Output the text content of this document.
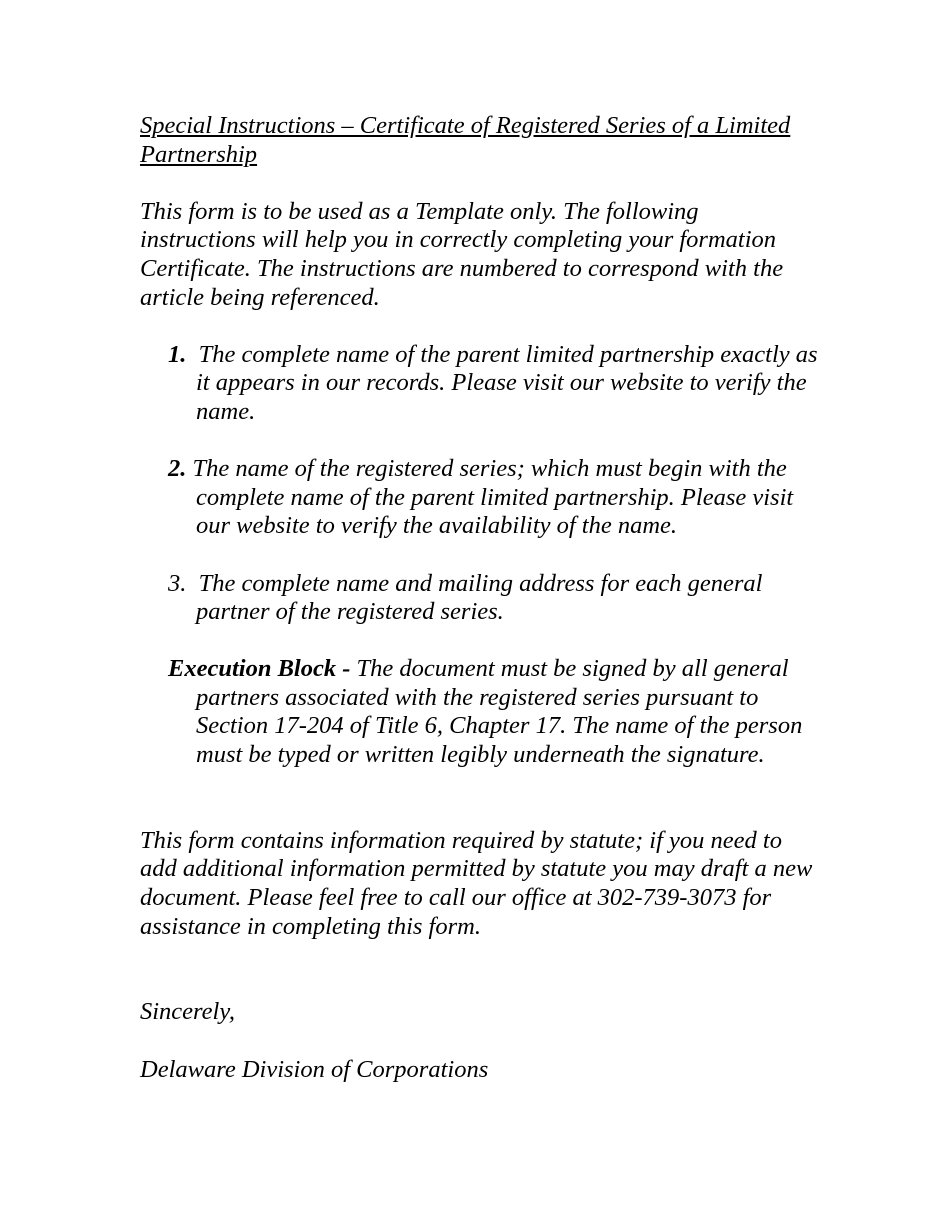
Special Instructions – Certificate of Registered Series of a Limited Partnership
This form is to be used as a Template only. The following instructions will help you in correctly completing your formation Certificate. The instructions are numbered to correspond with the article being referenced.
1. The complete name of the parent limited partnership exactly as it appears in our records. Please visit our website to verify the name.
2. The name of the registered series; which must begin with the complete name of the parent limited partnership. Please visit our website to verify the availability of the name.
3. The complete name and mailing address for each general partner of the registered series.
Execution Block - The document must be signed by all general partners associated with the registered series pursuant to Section 17-204 of Title 6, Chapter 17. The name of the person must be typed or written legibly underneath the signature.
This form contains information required by statute; if you need to add additional information permitted by statute you may draft a new document. Please feel free to call our office at 302-739-3073 for assistance in completing this form.
Sincerely,
Delaware Division of Corporations
